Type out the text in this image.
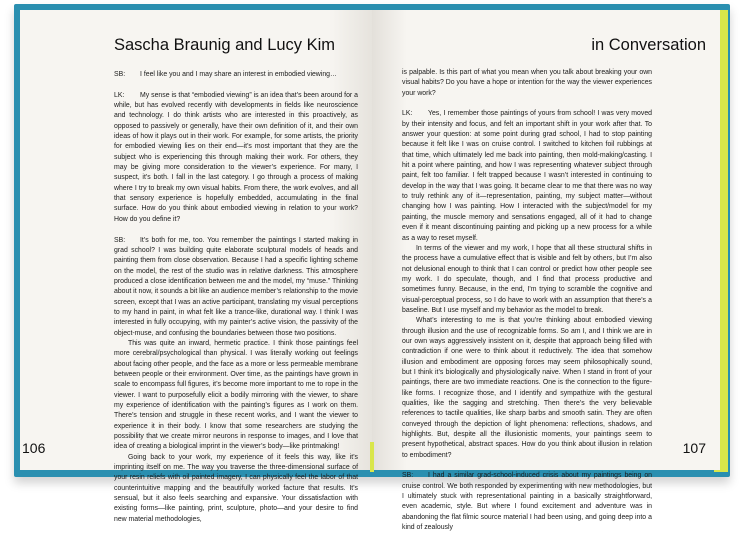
Sascha Braunig and Lucy Kim

SB: I feel like you and I may share an interest in embodied viewing…

LK: My sense is that “embodied viewing” is an idea that’s been around for a while, but has evolved recently with developments in fields like neuroscience and technology. I do think artists who are interested in this proactively, as opposed to passively or generally, have their own definition of it, and their own ideas of how it plays out in their work. For example, for some artists, the priority for embodied viewing lies on their end—it’s most important that they are the subject who is experiencing this through making their work. For others, they may be giving more consideration to the viewer’s experience. For many, I suspect, it’s both. I fall in the last category. I go through a process of making where I try to break my own visual habits. From there, the work evolves, and all that sensory experience is hopefully embedded, accumulating in the final surface. How do you think about embodied viewing in relation to your work? How do you define it?

SB: It’s both for me, too. You remember the paintings I started making in grad school? I was building quite elaborate sculptural models of heads and painting them from close observation. Because I had a specific lighting scheme on the model, the rest of the studio was in relative darkness. This atmosphere produced a close identification between me and the model, my “muse.” Thinking about it now, it sounds a bit like an audience member’s relationship to the movie screen, except that I was an active participant, translating my visual perceptions to my hand in paint, in what felt like a trance-like, durational way. I think I was interested in fully occupying, with my painter’s active vision, the passivity of the object-muse, and confusing the boundaries between those two positions.

This was quite an inward, hermetic practice. I think those paintings feel more cerebral/psychological than physical. I was literally working out feelings about facing other people, and the face as a more or less permeable membrane between people or their environment. Over time, as the paintings have grown in scale to encompass full figures, it’s become more important to me to rope in the viewer. I want to purposefully elicit a bodily mirroring with the viewer, to share my experience of identification with the painting’s figures as I work on them. There’s tension and struggle in these recent works, and I want the viewer to experience it in their body. I know that some researchers are studying the possibility that we create mirror neurons in response to images, and I love that idea of creating a biological imprint in the viewer’s body—like printmaking!

Going back to your work, my experience of it feels this way, like it’s imprinting itself on me. The way you traverse the three-dimensional surface of your resin reliefs with oil painted imagery, I can physically feel the labor of that counterintuitive mapping and the beautifully worked facture that results. It’s sensual, but it also feels searching and expansive. Your dissatisfaction with existing forms—like painting, print, sculpture, photo—and your desire to find new material methodologies,

106
in Conversation

is palpable. Is this part of what you mean when you talk about breaking your own visual habits? Do you have a hope or intention for the way the viewer experiences your work?

LK: Yes, I remember those paintings of yours from school! I was very moved by their intensity and focus, and felt an important shift in your work after that. To answer your question: at some point during grad school, I had to stop painting because it felt like I was on cruise control. I switched to kitchen foil rubbings at that time, which ultimately led me back into painting, then mold-making/casting. I hit a point where painting, and how I was representing whatever subject through paint, felt too familiar. I felt trapped because I wasn’t interested in continuing to develop in the way that I was going. It became clear to me that there was no way to truly rethink any of it—representation, painting, my subject matter—without changing how I was painting. How I interacted with the subject/model for my painting, the muscle memory and sensations engaged, all of it had to change even if it meant discontinuing painting and picking up a new process for a while as a way to reset myself.

In terms of the viewer and my work, I hope that all these structural shifts in the process have a cumulative effect that is visible and felt by others, but I’m also not delusional enough to think that I can control or predict how other people see my work. I do speculate, though, and I find that process productive and sometimes funny. Because, in the end, I’m trying to scramble the cognitive and visual-perceptual process, so I do have to work with an assumption that there’s a baseline. But I use myself and my behavior as the model to break.

What’s interesting to me is that you’re thinking about embodied viewing through illusion and the use of recognizable forms. So am I, and I think we are in our own ways aggressively insistent on it, despite that approach being filled with contradiction if one were to think about it reductively. The idea that somehow illusion and embodiment are opposing forces may seem philosophically sound, but I think it’s biologically and physiologically naive. When I stand in front of your paintings, there are two immediate reactions. One is the connection to the figure-like forms. I recognize those, and I identify and sympathize with the gestural qualities, like the sagging and stretching. Then there’s the very believable references to tactile qualities, like sharp barbs and smooth satin. They are often conveyed through the depiction of light phenomena: reflections, shadows, and highlights. But, despite all the illusionistic moments, your paintings seem to present hypothetical, abstract spaces. How do you think about illusion in relation to embodiment?

SB: I had a similar grad-school-induced crisis about my paintings being on cruise control. We both responded by experimenting with new methodologies, but I ultimately stuck with representational painting in a basically straightforward, even academic, style. But where I found excitement and adventure was in abandoning the flat filmic source material I had been using, and going deep into a kind of zealously

107
